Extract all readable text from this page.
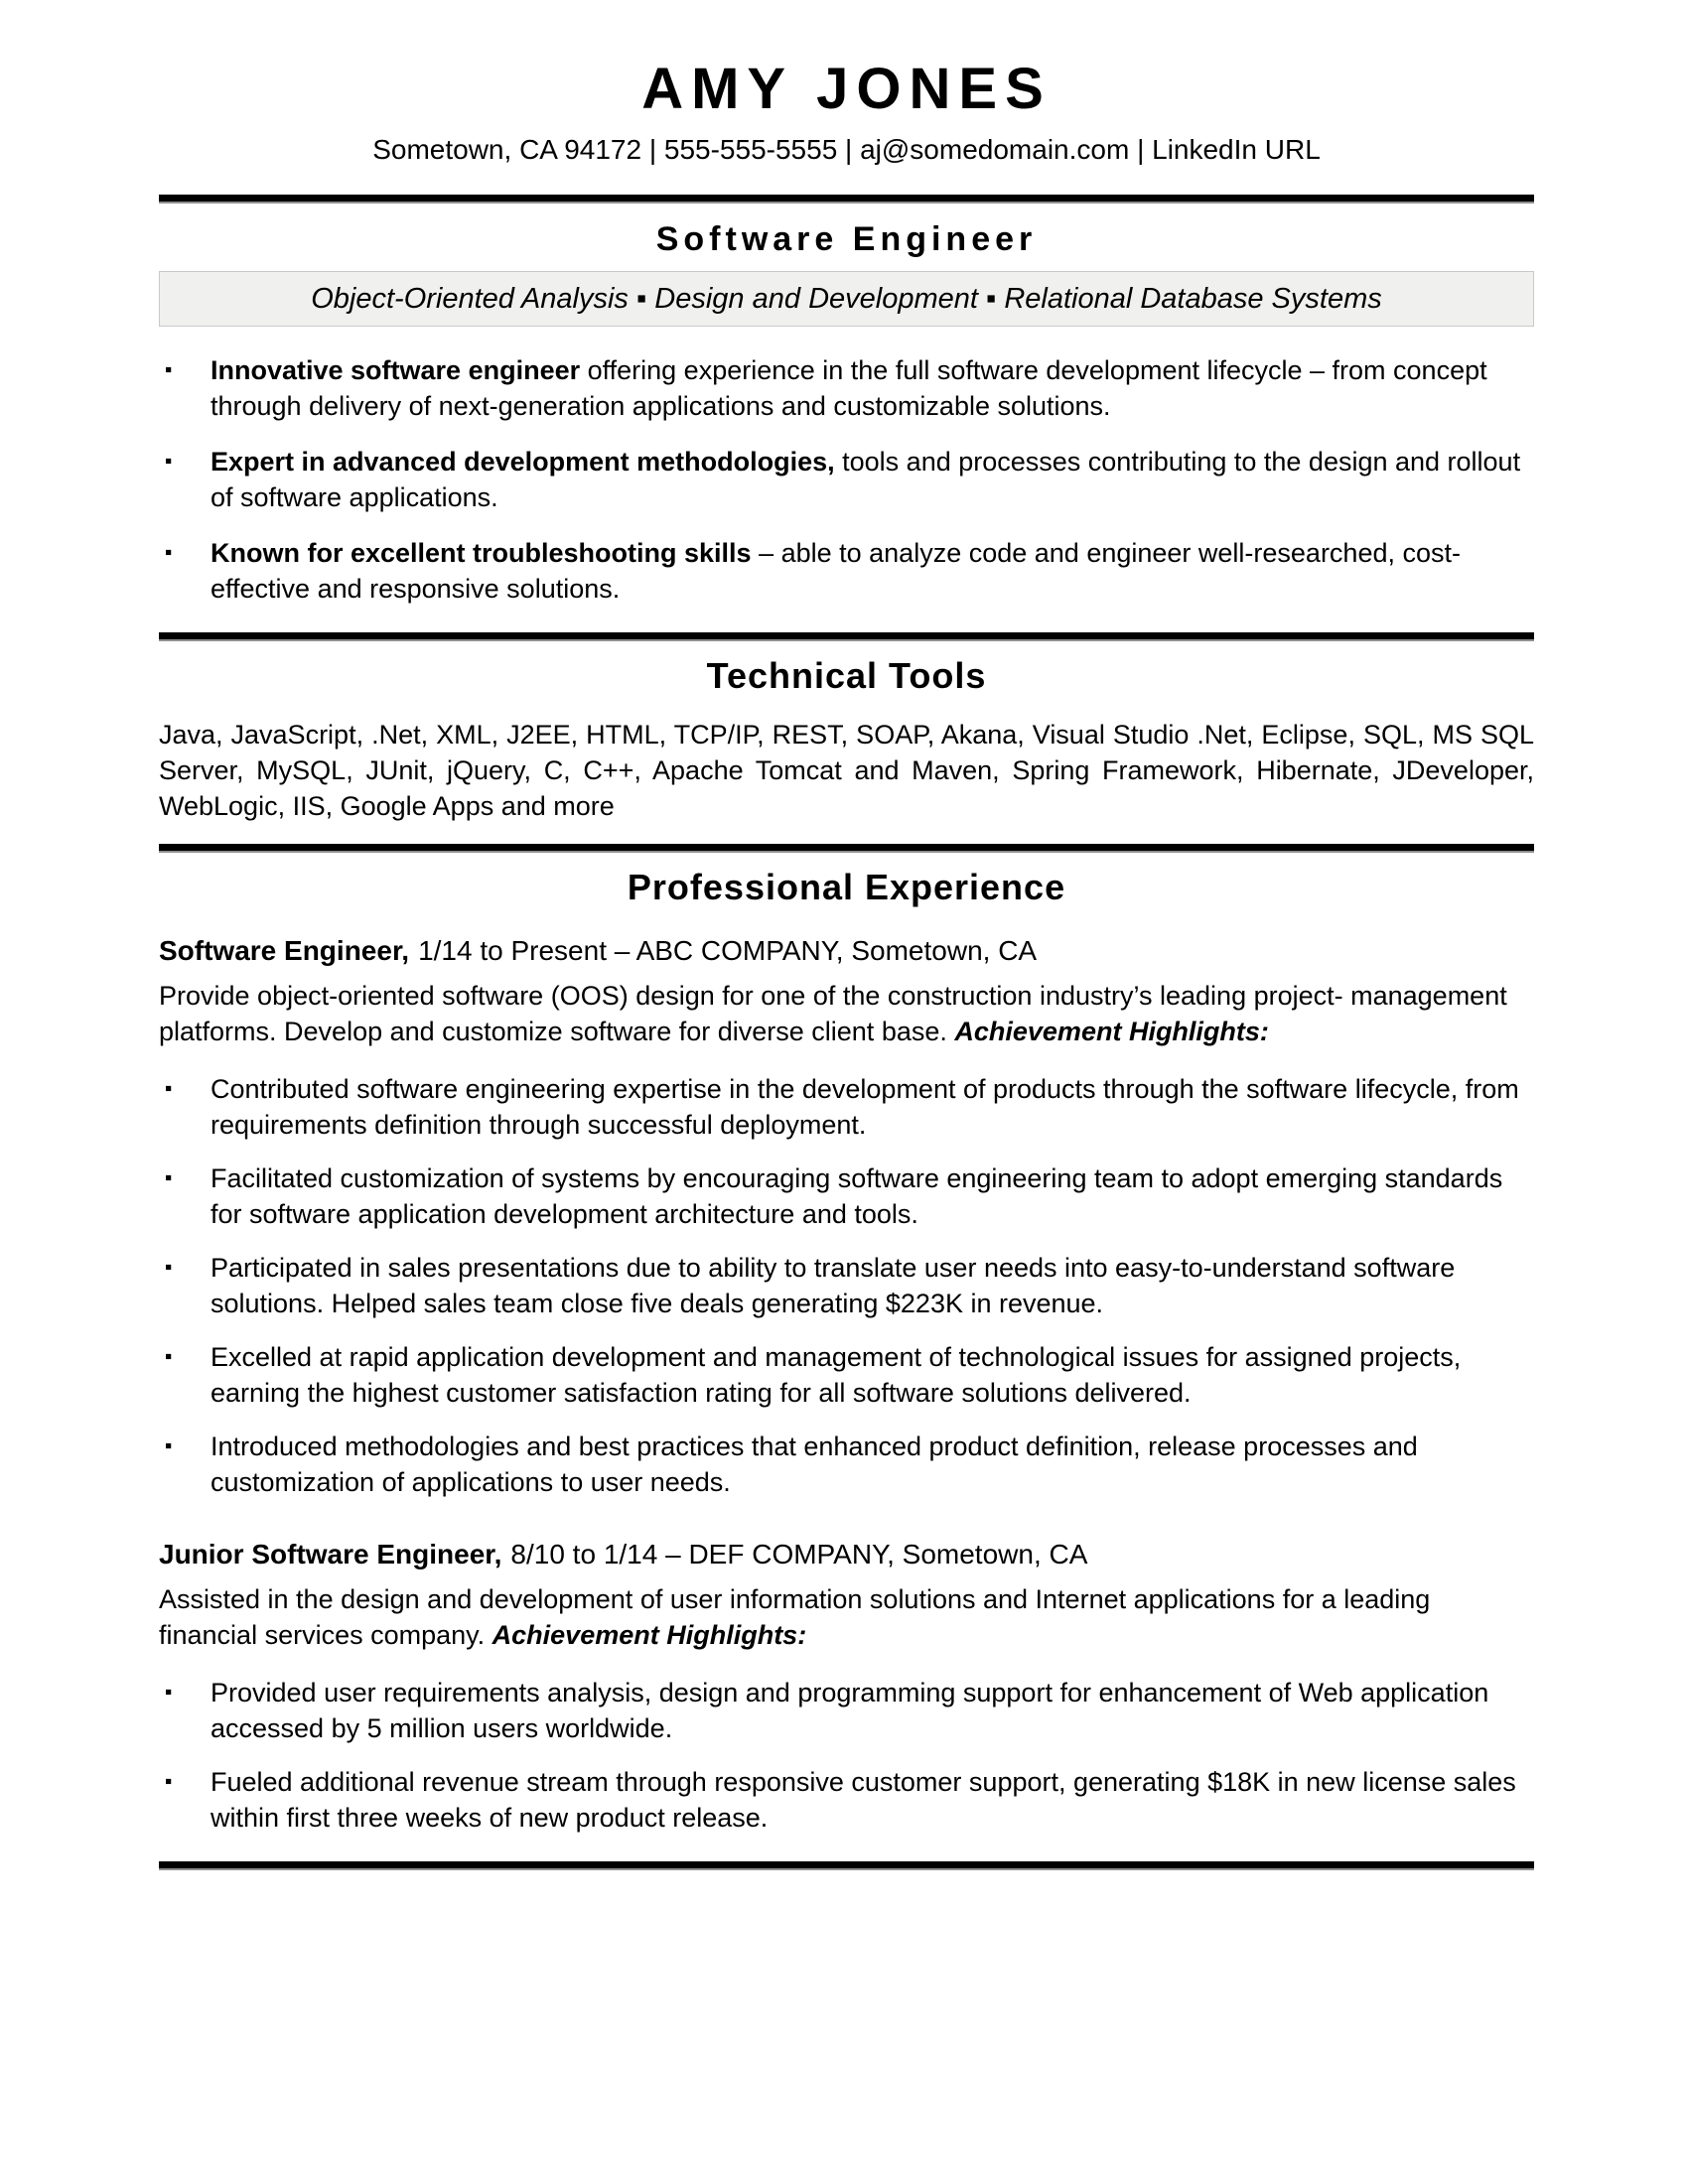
AMY JONES
Sometown, CA 94172 | 555-555-5555 | aj@somedomain.com | LinkedIn URL
Software Engineer
Object-Oriented Analysis ▪ Design and Development ▪ Relational Database Systems
▪ Innovative software engineer offering experience in the full software development lifecycle – from concept through delivery of next-generation applications and customizable solutions.
▪ Expert in advanced development methodologies, tools and processes contributing to the design and rollout of software applications.
▪ Known for excellent troubleshooting skills – able to analyze code and engineer well-researched, cost-effective and responsive solutions.
Technical Tools

Java, JavaScript, .Net, XML, J2EE, HTML, TCP/IP, REST, SOAP, Akana, Visual Studio .Net, Eclipse, SQL, MS SQL Server, MySQL, JUnit, jQuery, C, C++, Apache Tomcat and Maven, Spring Framework, Hibernate, JDeveloper, WebLogic, IIS, Google Apps and more

Professional Experience
Software Engineer, 1/14 to Present – ABC COMPANY, Sometown, CA

Provide object-oriented software (OOS) design for one of the construction industry’s leading project- management platforms. Develop and customize software for diverse client base. Achievement Highlights:

▪ Contributed software engineering expertise in the development of products through the software lifecycle, from requirements definition through successful deployment.
▪ Facilitated customization of systems by encouraging software engineering team to adopt emerging standards for software application development architecture and tools.
▪ Participated in sales presentations due to ability to translate user needs into easy-to-understand software solutions. Helped sales team close five deals generating $223K in revenue.
▪ Excelled at rapid application development and management of technological issues for assigned projects, earning the highest customer satisfaction rating for all software solutions delivered.
▪ Introduced methodologies and best practices that enhanced product definition, release processes and customization of applications to user needs.
Junior Software Engineer, 8/10 to 1/14 – DEF COMPANY, Sometown, CA

Assisted in the design and development of user information solutions and Internet applications for a leading financial services company. Achievement Highlights:

▪ Provided user requirements analysis, design and programming support for enhancement of Web application accessed by 5 million users worldwide.
▪ Fueled additional revenue stream through responsive customer support, generating $18K in new license sales within first three weeks of new product release.
